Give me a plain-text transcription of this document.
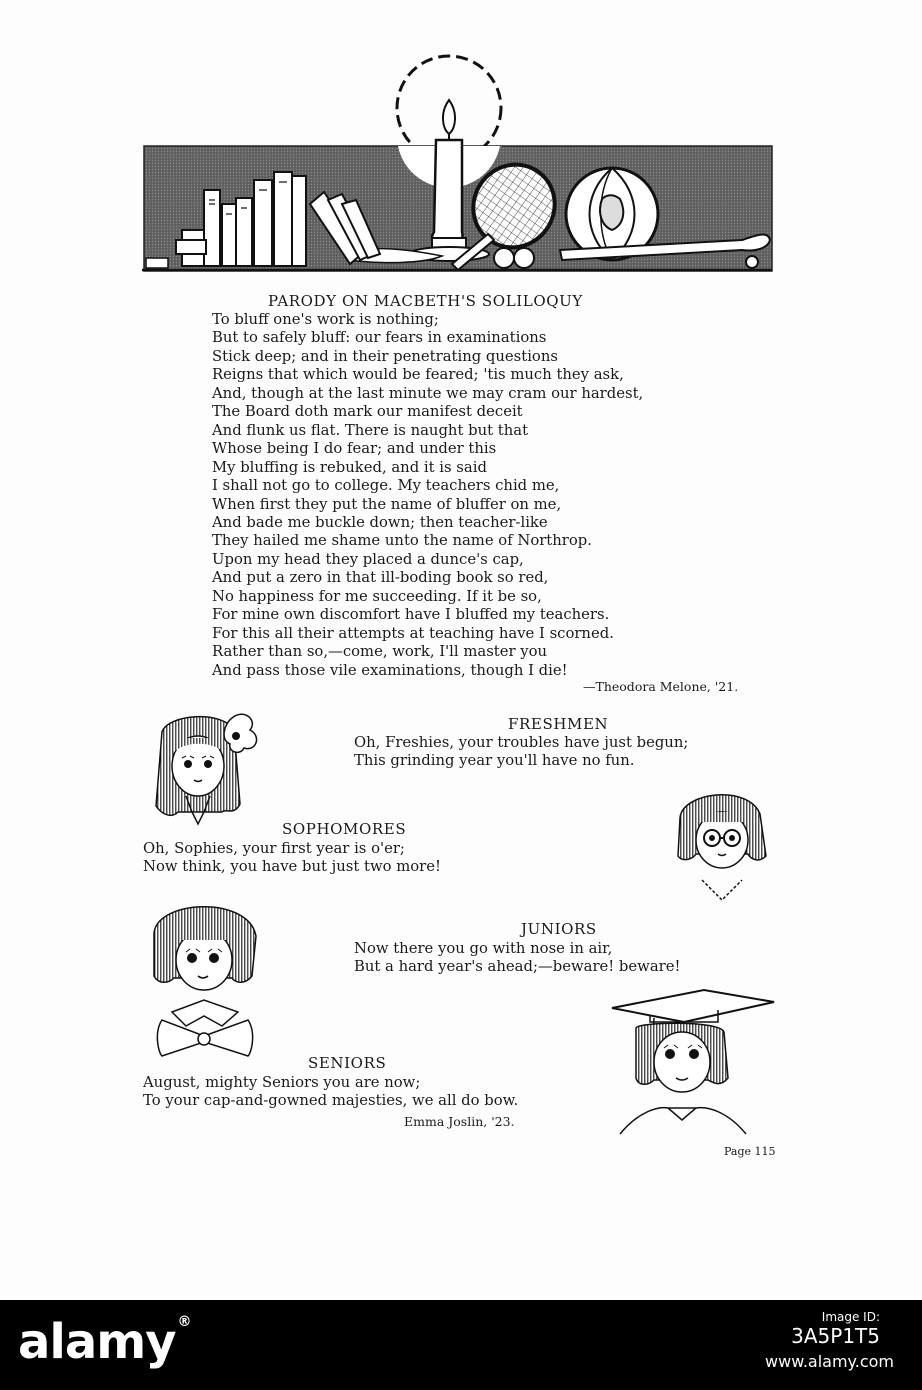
PARODY ON MACBETH'S SOLILOQUY
To bluff one's work is nothing;
But to safely bluff: our fears in examinations
Stick deep; and in their penetrating questions
Reigns that which would be feared; 'tis much they ask,
And, though at the last minute we may cram our hardest,
The Board doth mark our manifest deceit
And flunk us flat. There is naught but that
Whose being I do fear; and under this
My bluffing is rebuked, and it is said
I shall not go to college. My teachers chid me,
When first they put the name of bluffer on me,
And bade me buckle down; then teacher-like
They hailed me shame unto the name of Northrop.
Upon my head they placed a dunce's cap,
And put a zero in that ill-boding book so red,
No happiness for me succeeding. If it be so,
For mine own discomfort have I bluffed my teachers.
For this all their attempts at teaching have I scorned.
Rather than so,—come, work, I'll master you
And pass those vile examinations, though I die!
—Theodora Melone, '21.
FRESHMEN
Oh, Freshies, your troubles have just begun;
This grinding year you'll have no fun.
SOPHOMORES
Oh, Sophies, your first year is o'er;
Now think, you have but just two more!
JUNIORS
Now there you go with nose in air,
But a hard year's ahead;—beware! beware!
SENIORS
August, mighty Seniors you are now;
To your cap-and-gowned majesties, we all do bow.
Emma Joslin, '23.
Page 115
alamy ®	Image ID:
3A5P1T5
www.alamy.com
